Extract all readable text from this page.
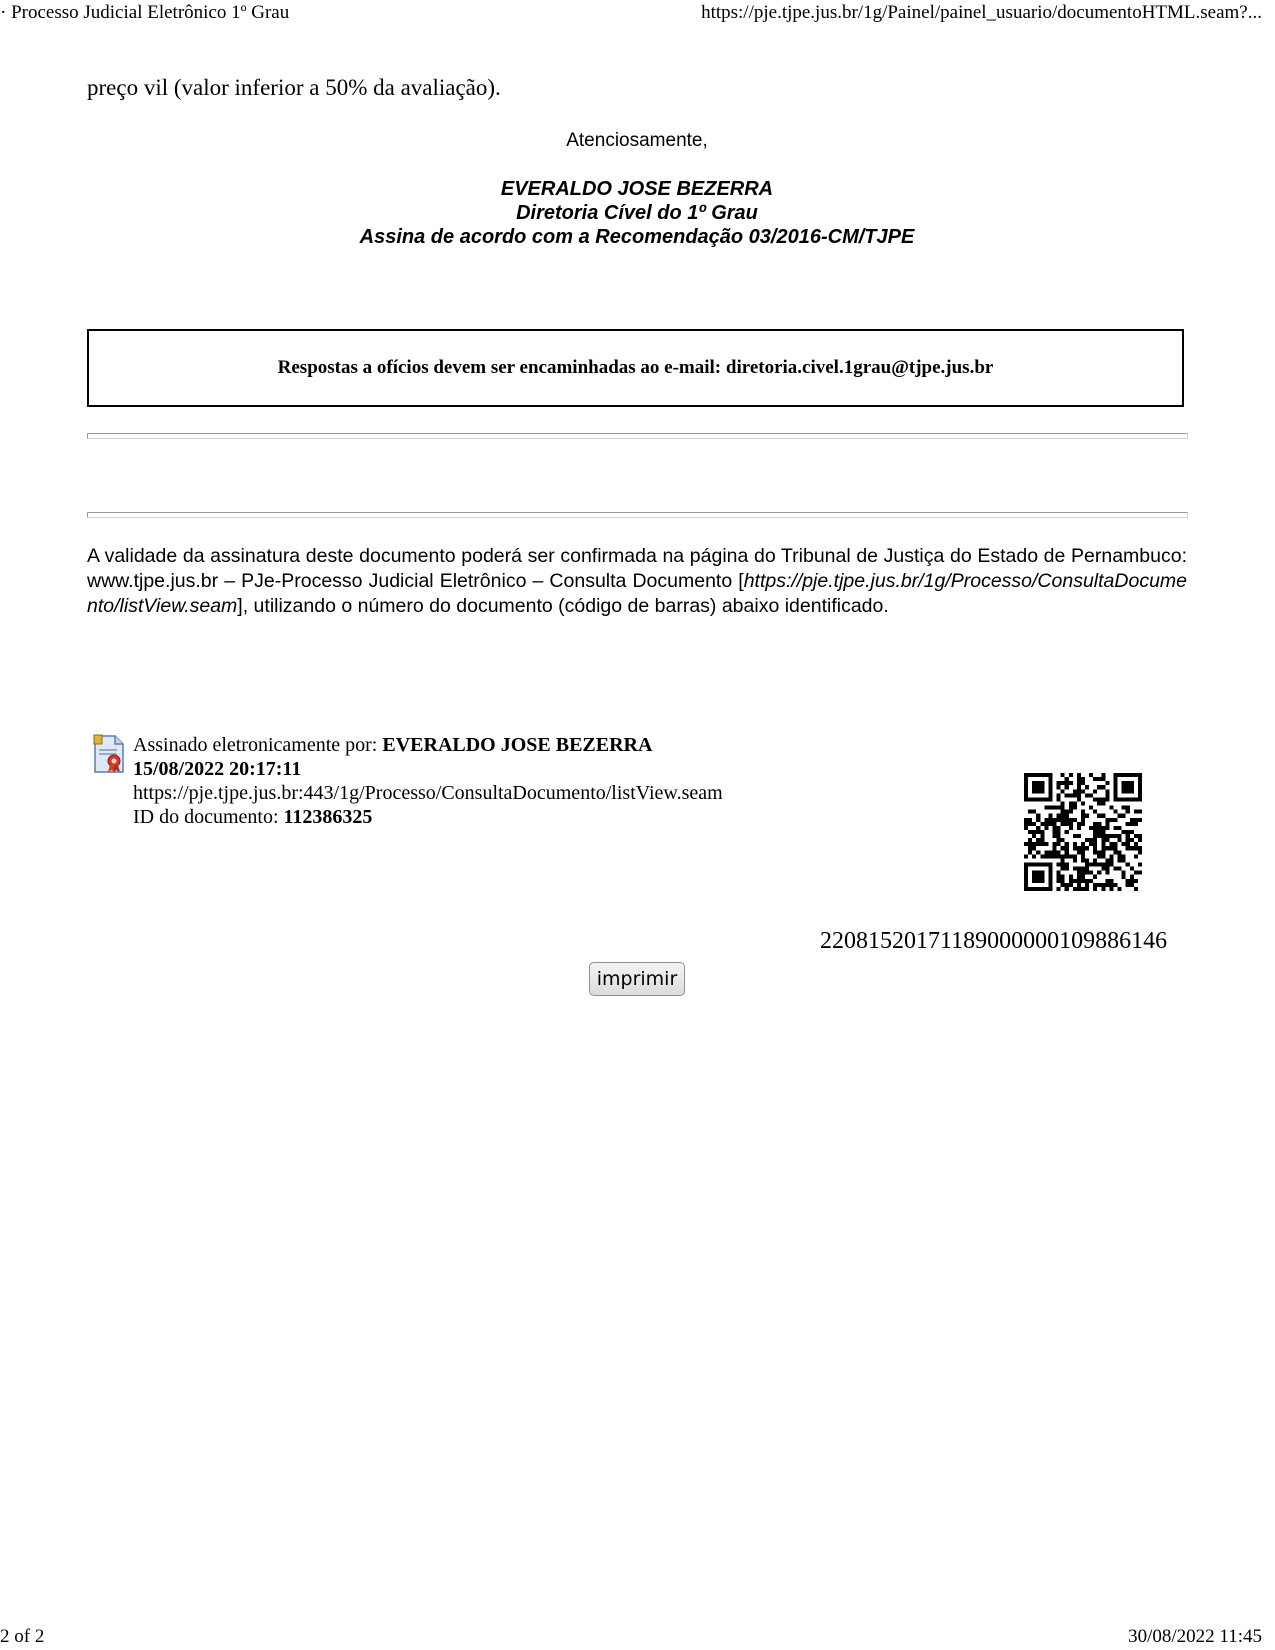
· Processo Judicial Eletrônico 1º Grau	https://pje.tjpe.jus.br/1g/Painel/painel_usuario/documentoHTML.seam?...
preço vil (valor inferior a 50% da avaliação).
Atenciosamente,
EVERALDO JOSE BEZERRA
Diretoria Cível do 1º Grau
Assina de acordo com a Recomendação 03/2016-CM/TJPE
Respostas a ofícios devem ser encaminhadas ao e-mail: diretoria.civel.1grau@tjpe.jus.br
A validade da assinatura deste documento poderá ser confirmada na página do Tribunal de Justiça do Estado de Pernambuco: www.tjpe.jus.br – PJe-Processo Judicial Eletrônico – Consulta Documento [https://pje.tjpe.jus.br/1g/Processo/ConsultaDocumento/listView.seam], utilizando o número do documento (código de barras) abaixo identificado.
Assinado eletronicamente por: EVERALDO JOSE BEZERRA
15/08/2022 20:17:11
https://pje.tjpe.jus.br:443/1g/Processo/ConsultaDocumento/listView.seam
ID do documento: 112386325
22081520171189000000109886146
imprimir
2 of 2	30/08/2022 11:45
